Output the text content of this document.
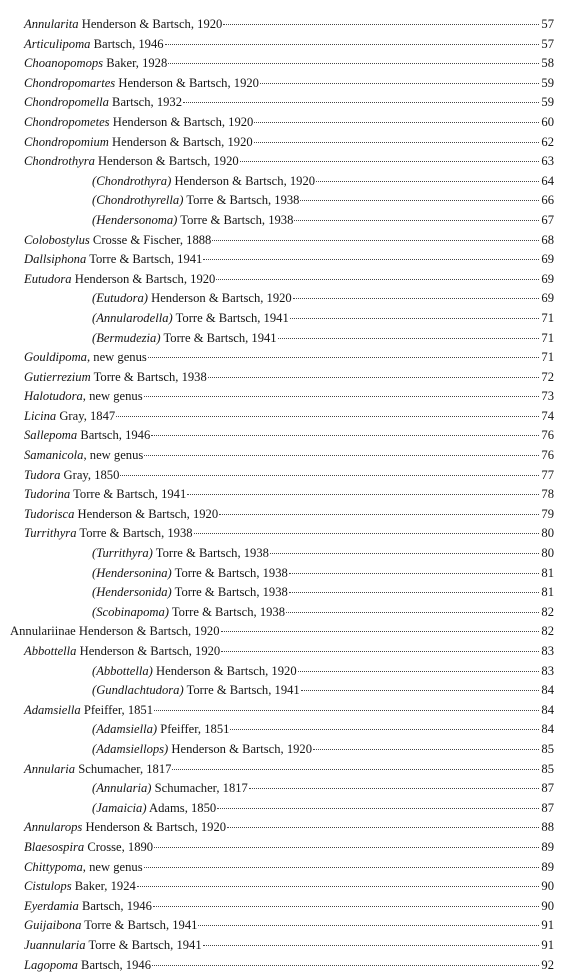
Annularita Henderson & Bartsch, 1920	57
Articulipoma Bartsch, 1946	57
Choanopomops Baker, 1928	58
Chondropomartes Henderson & Bartsch, 1920	59
Chondropomella Bartsch, 1932	59
Chondropometes Henderson & Bartsch, 1920	60
Chondropomium Henderson & Bartsch, 1920	62
Chondrothyra Henderson & Bartsch, 1920	63
(Chondrothyra) Henderson & Bartsch, 1920	64
(Chondrothyrella) Torre & Bartsch, 1938	66
(Hendersonoma) Torre & Bartsch, 1938	67
Colobostylus Crosse & Fischer, 1888	68
Dallsiphona Torre & Bartsch, 1941	69
Eutudora Henderson & Bartsch, 1920	69
(Eutudora) Henderson & Bartsch, 1920	69
(Annularodella) Torre & Bartsch, 1941	71
(Bermudezia) Torre & Bartsch, 1941	71
Gouldipoma, new genus	71
Gutierrezium Torre & Bartsch, 1938	72
Halotudora, new genus	73
Licina Gray, 1847	74
Sallepoma Bartsch, 1946	76
Samanicola, new genus	76
Tudora Gray, 1850	77
Tudorina Torre & Bartsch, 1941	78
Tudorisca Henderson & Bartsch, 1920	79
Turrithyra Torre & Bartsch, 1938	80
(Turrithyra) Torre & Bartsch, 1938	80
(Hendersonina) Torre & Bartsch, 1938	81
(Hendersonida) Torre & Bartsch, 1938	81
(Scobinapoma) Torre & Bartsch, 1938	82
Annulariinae Henderson & Bartsch, 1920	82
Abbottella Henderson & Bartsch, 1920	83
(Abbottella) Henderson & Bartsch, 1920	83
(Gundlachtudora) Torre & Bartsch, 1941	84
Adamsiella Pfeiffer, 1851	84
(Adamsiella) Pfeiffer, 1851	84
(Adamsiellops) Henderson & Bartsch, 1920	85
Annularia Schumacher, 1817	85
(Annularia) Schumacher, 1817	87
(Jamaicia) Adams, 1850	87
Annularops Henderson & Bartsch, 1920	88
Blaesospira Crosse, 1890	89
Chittypoma, new genus	89
Cistulops Baker, 1924	90
Eyerdamia Bartsch, 1946	90
Guijaibona Torre & Bartsch, 1941	91
Juannularia Torre & Bartsch, 1941	91
Lagopoma Bartsch, 1946	92
